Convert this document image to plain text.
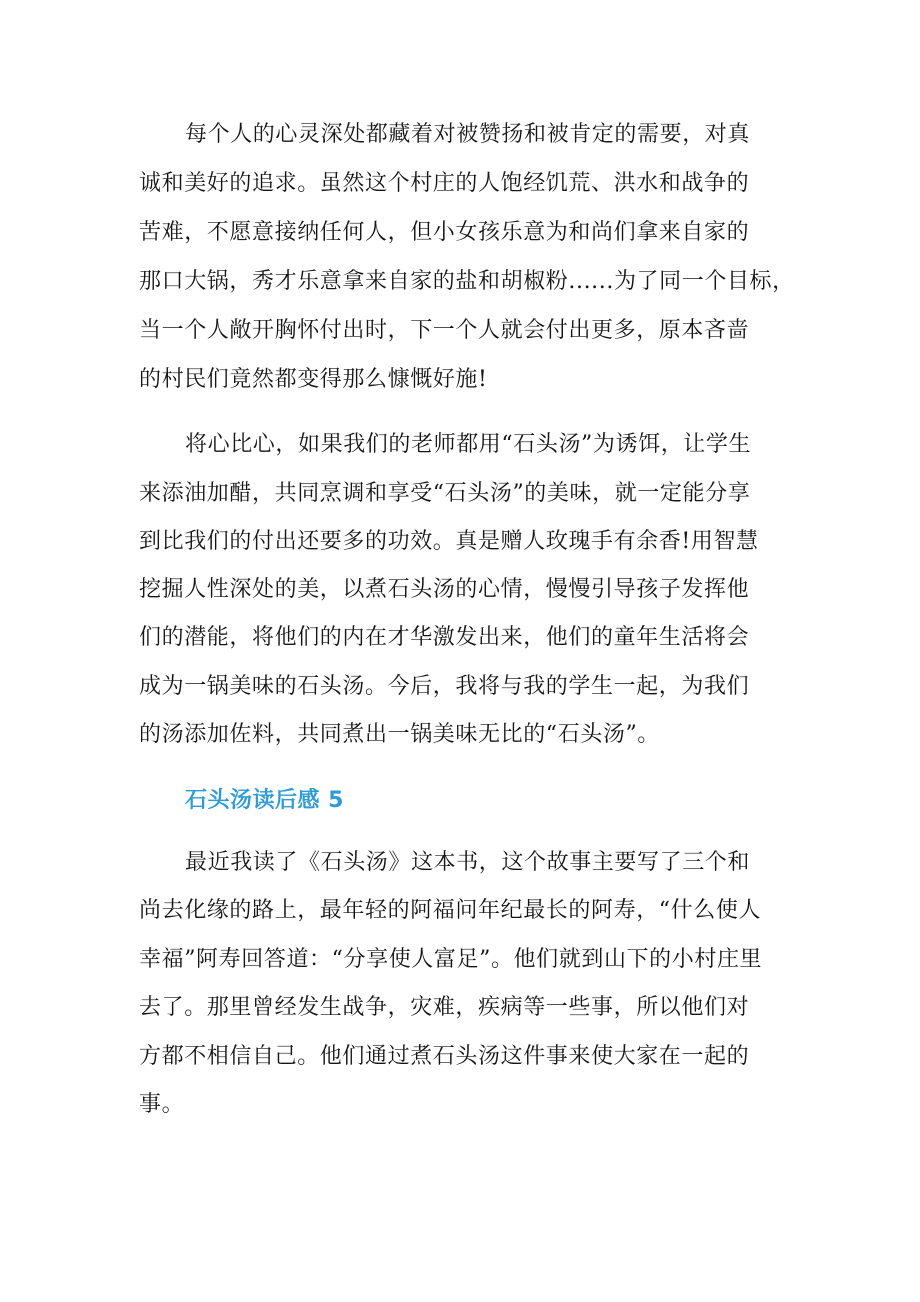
每个人的心灵深处都藏着对被赞扬和被肯定的需要，对真
诚和美好的追求。虽然这个村庄的人饱经饥荒、洪水和战争的
苦难，不愿意接纳任何人，但小女孩乐意为和尚们拿来自家的
那口大锅，秀才乐意拿来自家的盐和胡椒粉......为了同一个目标，
当一个人敞开胸怀付出时，下一个人就会付出更多，原本吝啬
的村民们竟然都变得那么慷慨好施!
将心比心，如果我们的老师都用“石头汤”为诱饵，让学生
来添油加醋，共同烹调和享受“石头汤”的美味，就一定能分享
到比我们的付出还要多的功效。真是赠人玫瑰手有余香!用智慧
挖掘人性深处的美，以煮石头汤的心情，慢慢引导孩子发挥他
们的潜能，将他们的内在才华激发出来，他们的童年生活将会
成为一锅美味的石头汤。今后，我将与我的学生一起，为我们
的汤添加佐料，共同煮出一锅美味无比的“石头汤”。
石头汤读后感 5
最近我读了《石头汤》这本书，这个故事主要写了三个和
尚去化缘的路上，最年轻的阿福问年纪最长的阿寿，“什么使人
幸福”阿寿回答道：“分享使人富足”。他们就到山下的小村庄里
去了。那里曾经发生战争，灾难，疾病等一些事，所以他们对
方都不相信自己。他们通过煮石头汤这件事来使大家在一起的
事。
